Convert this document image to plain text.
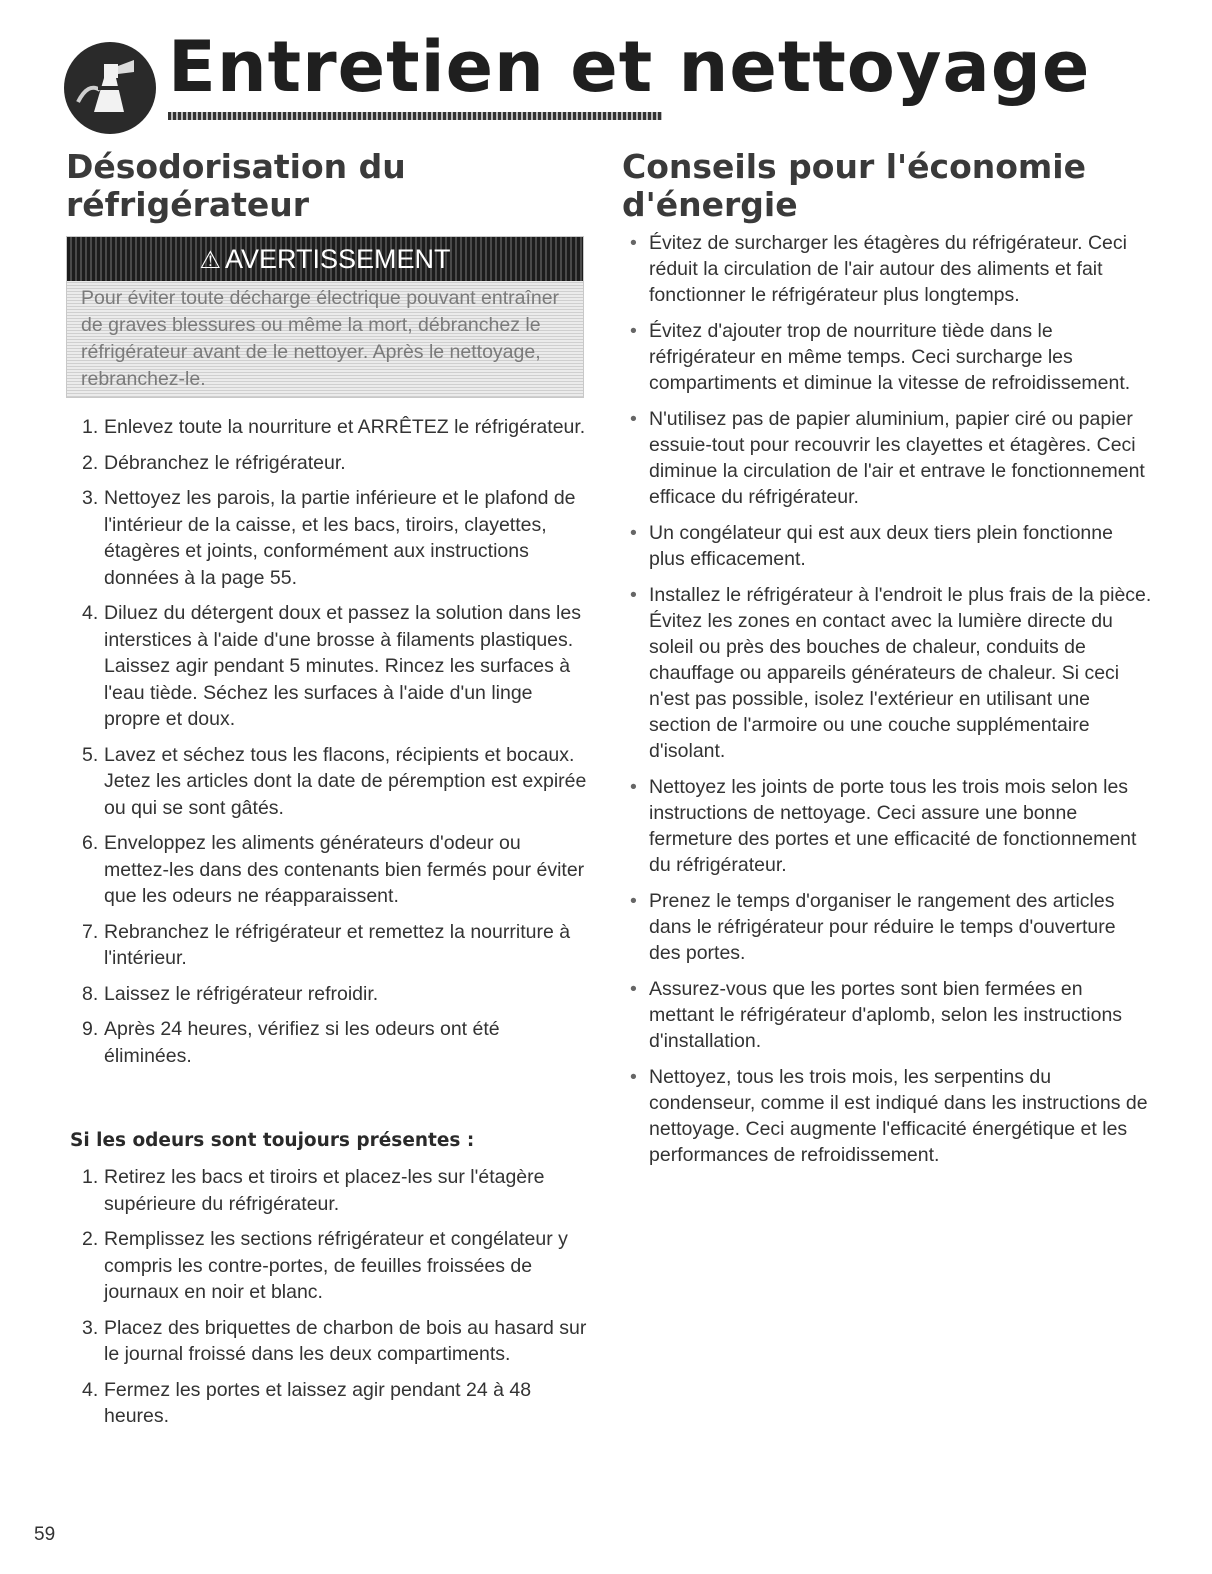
Entretien et nettoyage
Désodorisation du réfrigérateur
⚠ AVERTISSEMENT

Pour éviter toute décharge électrique pouvant entraîner de graves blessures ou même la mort, débranchez le réfrigérateur avant de le nettoyer. Après le nettoyage, rebranchez-le.

1. Enlevez toute la nourriture et ARRÊTEZ le réfrigérateur.
2. Débranchez le réfrigérateur.
3. Nettoyez les parois, la partie inférieure et le plafond de l'intérieur de la caisse, et les bacs, tiroirs, clayettes, étagères et joints, conformément aux instructions données à la page 55.
4. Diluez du détergent doux et passez la solution dans les interstices à l'aide d'une brosse à filaments plastiques. Laissez agir pendant 5 minutes. Rincez les surfaces à l'eau tiède. Séchez les surfaces à l'aide d'un linge propre et doux.
5. Lavez et séchez tous les flacons, récipients et bocaux. Jetez les articles dont la date de péremption est expirée ou qui se sont gâtés.
6. Enveloppez les aliments générateurs d'odeur ou mettez-les dans des contenants bien fermés pour éviter que les odeurs ne réapparaissent.
7. Rebranchez le réfrigérateur et remettez la nourriture à l'intérieur.
8. Laissez le réfrigérateur refroidir.
9. Après 24 heures, vérifiez si les odeurs ont été éliminées.

Si les odeurs sont toujours présentes :

1. Retirez les bacs et tiroirs et placez-les sur l'étagère supérieure du réfrigérateur.
2. Remplissez les sections réfrigérateur et congélateur y compris les contre-portes, de feuilles froissées de journaux en noir et blanc.
3. Placez des briquettes de charbon de bois au hasard sur le journal froissé dans les deux compartiments.
4. Fermez les portes et laissez agir pendant 24 à 48 heures.
Conseils pour l'économie d'énergie
• Évitez de surcharger les étagères du réfrigérateur. Ceci réduit la circulation de l'air autour des aliments et fait fonctionner le réfrigérateur plus longtemps.
• Évitez d'ajouter trop de nourriture tiède dans le réfrigérateur en même temps. Ceci surcharge les compartiments et diminue la vitesse de refroidissement.
• N'utilisez pas de papier aluminium, papier ciré ou papier essuie-tout pour recouvrir les clayettes et étagères. Ceci diminue la circulation de l'air et entrave le fonctionnement efficace du réfrigérateur.
• Un congélateur qui est aux deux tiers plein fonctionne plus efficacement.
• Installez le réfrigérateur à l'endroit le plus frais de la pièce. Évitez les zones en contact avec la lumière directe du soleil ou près des bouches de chaleur, conduits de chauffage ou appareils générateurs de chaleur. Si ceci n'est pas possible, isolez l'extérieur en utilisant une section de l'armoire ou une couche supplémentaire d'isolant.
• Nettoyez les joints de porte tous les trois mois selon les instructions de nettoyage. Ceci assure une bonne fermeture des portes et une efficacité de fonctionnement du réfrigérateur.
• Prenez le temps d'organiser le rangement des articles dans le réfrigérateur pour réduire le temps d'ouverture des portes.
• Assurez-vous que les portes sont bien fermées en mettant le réfrigérateur d'aplomb, selon les instructions d'installation.
• Nettoyez, tous les trois mois, les serpentins du condenseur, comme il est indiqué dans les instructions de nettoyage. Ceci augmente l'efficacité énergétique et les performances de refroidissement.
59
